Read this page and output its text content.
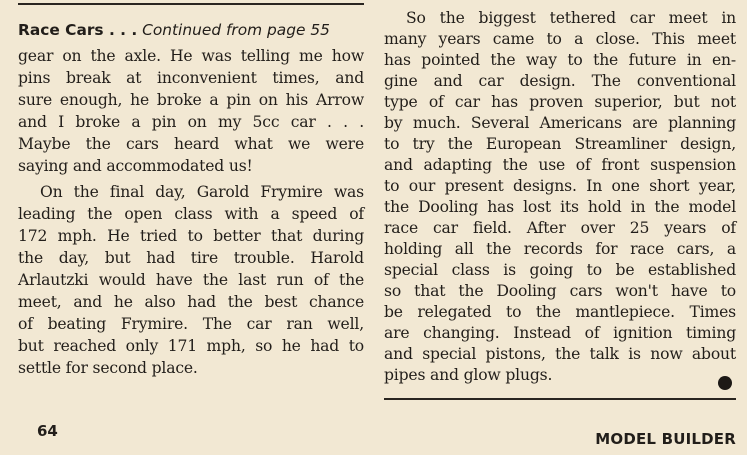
Race Cars . . . Continued from page 55
gear on the axle. He was telling me how
pins break at inconvenient times, and
sure enough, he broke a pin on his Arrow
and I broke a pin on my 5cc car . . .
Maybe the cars heard what we were
saying and accommodated us!
On the final day, Garold Frymire was
leading the open class with a speed of
172 mph. He tried to better that during
the day, but had tire trouble. Harold
Arlautzki would have the last run of the
meet, and he also had the best chance
of beating Frymire. The car ran well,
but reached only 171 mph, so he had to
settle for second place.
So the biggest tethered car meet in
many years came to a close. This meet
has pointed the way to the future in en-
gine and car design. The conventional
type of car has proven superior, but not
by much. Several Americans are planning
to try the European Streamliner design,
and adapting the use of front suspension
to our present designs. In one short year,
the Dooling has lost its hold in the model
race car field. After over 25 years of
holding all the records for race cars, a
special class is going to be established
so that the Dooling cars won't have to
be relegated to the mantlepiece. Times
are changing. Instead of ignition timing
and special pistons, the talk is now about
pipes and glow plugs.
64	MODEL BUILDER
